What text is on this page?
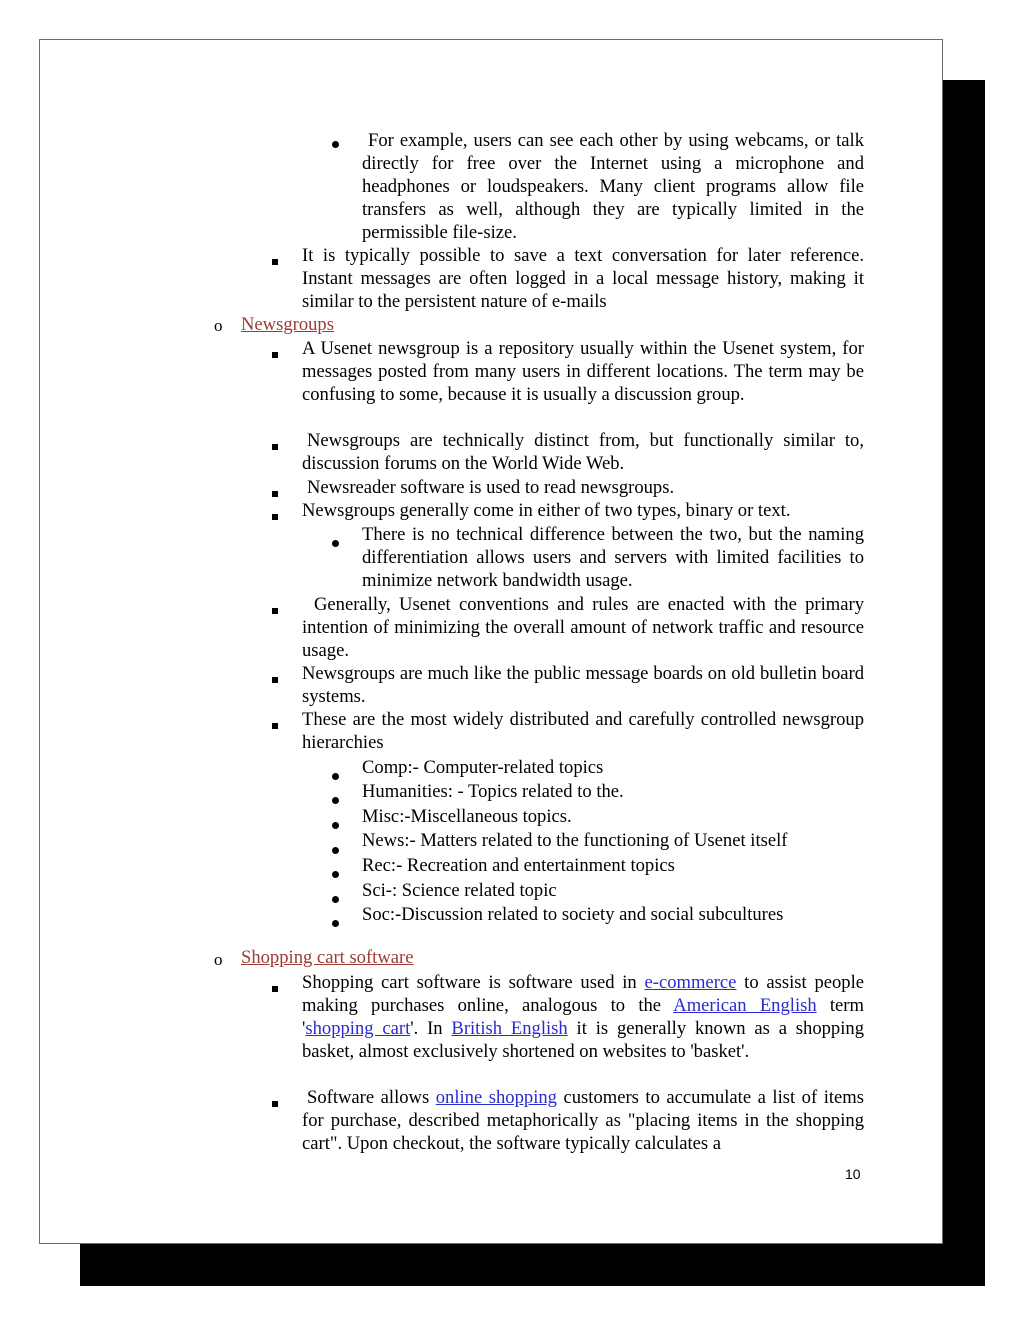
For example, users can see each other by using webcams, or talk directly for free over the Internet using a microphone and headphones or loudspeakers. Many client programs allow file transfers as well, although they are typically limited in the permissible file-size.
It is typically possible to save a text conversation for later reference. Instant messages are often logged in a local message history, making it similar to the persistent nature of e-mails
o Newsgroups
A Usenet newsgroup is a repository usually within the Usenet system, for messages posted from many users in different locations. The term may be confusing to some, because it is usually a discussion group.
Newsgroups are technically distinct from, but functionally similar to, discussion forums on the World Wide Web.
Newsreader software is used to read newsgroups.
Newsgroups generally come in either of two types, binary or text.
There is no technical difference between the two, but the naming differentiation allows users and servers with limited facilities to minimize network bandwidth usage.
Generally, Usenet conventions and rules are enacted with the primary intention of minimizing the overall amount of network traffic and resource usage.
Newsgroups are much like the public message boards on old bulletin board systems.
These are the most widely distributed and carefully controlled newsgroup hierarchies
Comp:- Computer-related topics
Humanities: - Topics related to the.
Misc:-Miscellaneous topics.
News:- Matters related to the functioning of Usenet itself
Rec:- Recreation and entertainment topics
Sci-: Science related topic
Soc:-Discussion related to society and social subcultures
o Shopping cart software
Shopping cart software is software used in e-commerce to assist people making purchases online, analogous to the American English term 'shopping cart'. In British English it is generally known as a shopping basket, almost exclusively shortened on websites to 'basket'.
Software allows online shopping customers to accumulate a list of items for purchase, described metaphorically as "placing items in the shopping cart". Upon checkout, the software typically calculates a
10
